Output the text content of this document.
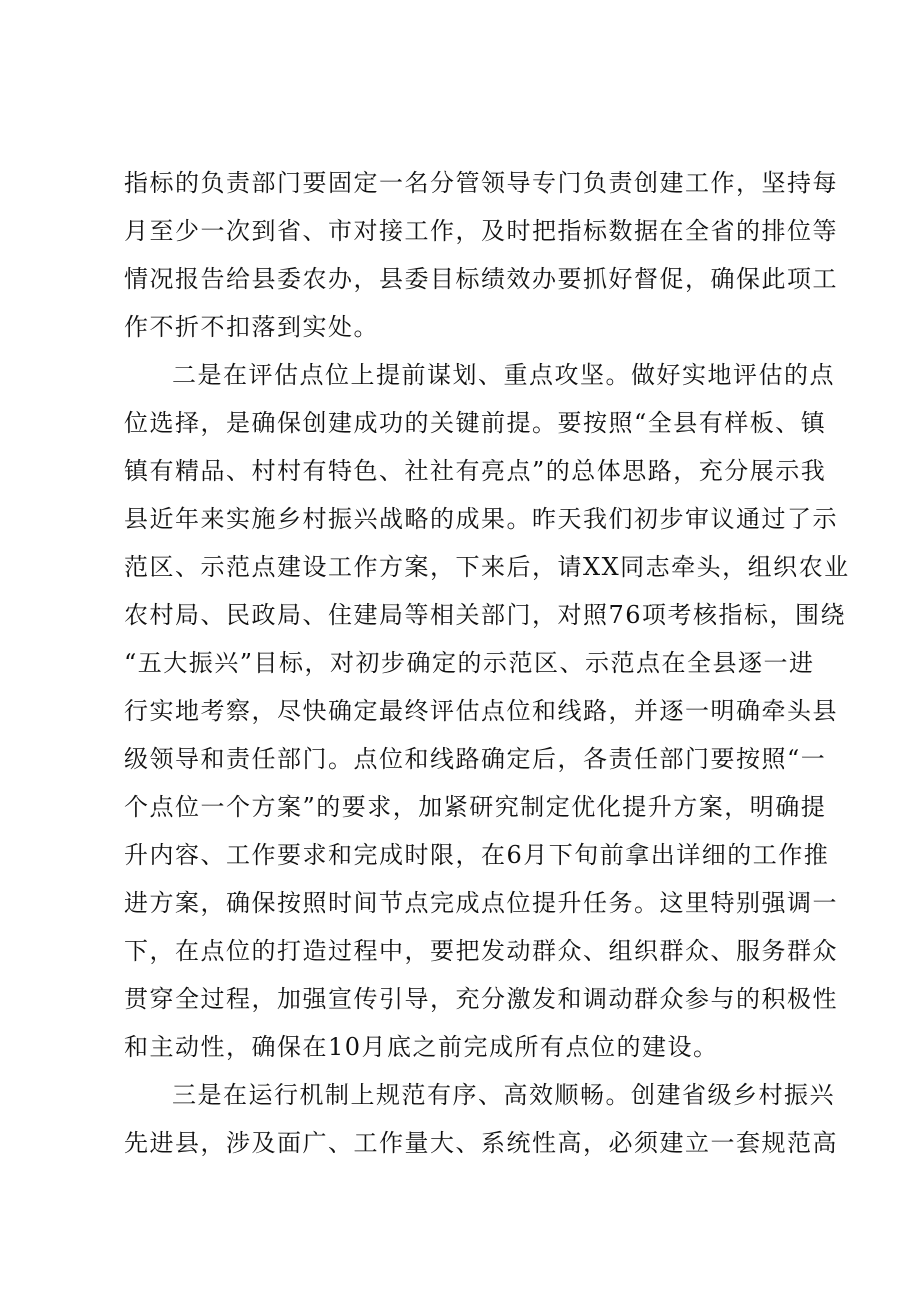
指标的负责部门要固定一名分管领导专门负责创建工作，坚持每
月至少一次到省、市对接工作，及时把指标数据在全省的排位等
情况报告给县委农办，县委目标绩效办要抓好督促，确保此项工
作不折不扣落到实处。
二是在评估点位上提前谋划、重点攻坚。做好实地评估的点
位选择，是确保创建成功的关键前提。要按照“全县有样板、镇
镇有精品、村村有特色、社社有亮点”的总体思路，充分展示我
县近年来实施乡村振兴战略的成果。昨天我们初步审议通过了示
范区、示范点建设工作方案，下来后，请XX同志牵头，组织农业
农村局、民政局、住建局等相关部门，对照76项考核指标，围绕
“五大振兴”目标，对初步确定的示范区、示范点在全县逐一进
行实地考察，尽快确定最终评估点位和线路，并逐一明确牵头县
级领导和责任部门。点位和线路确定后，各责任部门要按照“一
个点位一个方案”的要求，加紧研究制定优化提升方案，明确提
升内容、工作要求和完成时限，在6月下旬前拿出详细的工作推
进方案，确保按照时间节点完成点位提升任务。这里特别强调一
下，在点位的打造过程中，要把发动群众、组织群众、服务群众
贯穿全过程，加强宣传引导，充分激发和调动群众参与的积极性
和主动性，确保在10月底之前完成所有点位的建设。
三是在运行机制上规范有序、高效顺畅。创建省级乡村振兴
先进县，涉及面广、工作量大、系统性高，必须建立一套规范高
